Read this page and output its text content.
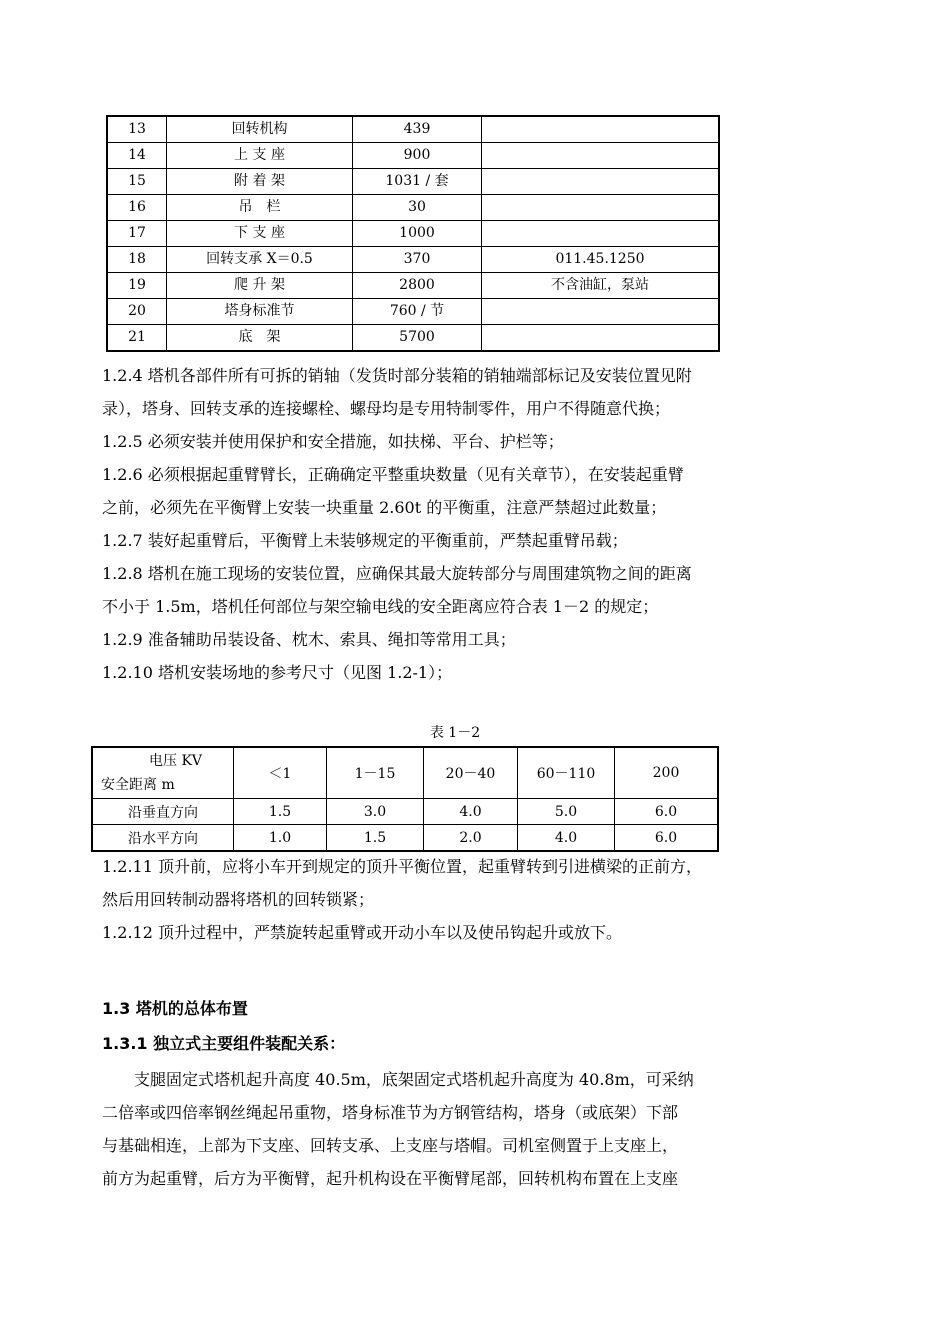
13	回转机构	439	
14	上 支 座	900	
15	附 着 架	1031 / 套	
16	吊　栏	30	
17	下 支 座	1000	
18	回转支承 X＝0.5	370	011.45.1250
19	爬 升 架	2800	不含油缸，泵站
20	塔身标准节	760 / 节	
21	底　架	5700	
1.2.4 塔机各部件所有可拆的销轴（发货时部分装箱的销轴端部标记及安装位置见附
录），塔身、回转支承的连接螺栓、螺母均是专用特制零件，用户不得随意代换；
1.2.5 必须安装并使用保护和安全措施，如扶梯、平台、护栏等；
1.2.6 必须根据起重臂臂长，正确确定平整重块数量（见有关章节），在安装起重臂
之前，必须先在平衡臂上安装一块重量 2.60t 的平衡重，注意严禁超过此数量；
1.2.7 装好起重臂后，平衡臂上未装够规定的平衡重前，严禁起重臂吊载；
1.2.8 塔机在施工现场的安装位置，应确保其最大旋转部分与周围建筑物之间的距离
不小于 1.5m，塔机任何部位与架空输电线的安全距离应符合表 1－2 的规定；
1.2.9 准备辅助吊装设备、枕木、索具、绳扣等常用工具；
1.2.10 塔机安装场地的参考尺寸（见图 1.2-1）；
表 1－2
电压 KV
安全距离 m	＜1	1－15	20－40	60－110	200
沿垂直方向	1.5	3.0	4.0	5.0	6.0
沿水平方向	1.0	1.5	2.0	4.0	6.0
1.2.11 顶升前，应将小车开到规定的顶升平衡位置，起重臂转到引进横梁的正前方，
然后用回转制动器将塔机的回转锁紧；
1.2.12 顶升过程中，严禁旋转起重臂或开动小车以及使吊钩起升或放下。
1.3 塔机的总体布置
1.3.1 独立式主要组件装配关系：
　　支腿固定式塔机起升高度 40.5m，底架固定式塔机起升高度为 40.8m，可采纳
二倍率或四倍率钢丝绳起吊重物，塔身标准节为方钢管结构，塔身（或底架）下部
与基础相连，上部为下支座、回转支承、上支座与塔帽。司机室侧置于上支座上，
前方为起重臂，后方为平衡臂，起升机构设在平衡臂尾部，回转机构布置在上支座
